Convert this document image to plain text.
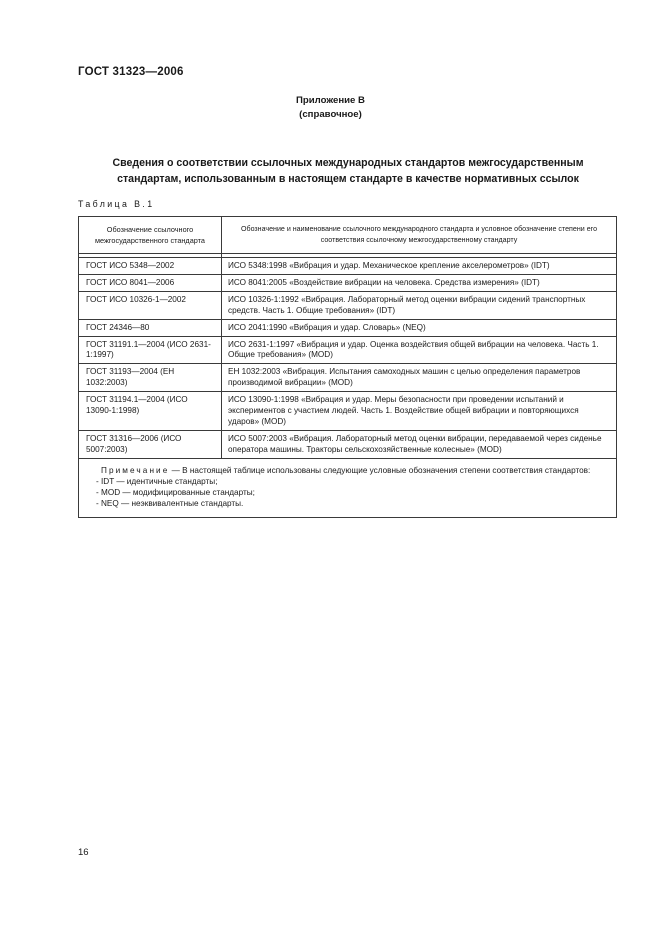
ГОСТ 31323—2006
Приложение В
(справочное)
Сведения о соответствии ссылочных международных стандартов межгосударственным
стандартам, использованным в настоящем стандарте в качестве нормативных ссылок
Таблица В.1
Обозначение ссылочного межгосударственного стандарта	Обозначение и наименование ссылочного международного стандарта и условное обозначение степени его соответствия ссылочному межгосударственному стандарту

ГОСТ ИСО 5348—2002	ИСО 5348:1998 «Вибрация и удар. Механическое крепление акселерометров» (IDT)
ГОСТ ИСО 8041—2006	ИСО 8041:2005 «Воздействие вибрации на человека. Средства измерения» (IDT)
ГОСТ ИСО 10326-1—2002	ИСО 10326-1:1992 «Вибрация. Лабораторный метод оценки вибрации сидений транспортных средств. Часть 1. Общие требования» (IDT)
ГОСТ 24346—80	ИСО 2041:1990 «Вибрация и удар. Словарь» (NEQ)
ГОСТ 31191.1—2004 (ИСО 2631-1:1997)	ИСО 2631-1:1997 «Вибрация и удар. Оценка воздействия общей вибрации на человека. Часть 1. Общие требования» (MOD)
ГОСТ 31193—2004 (ЕН 1032:2003)	ЕН 1032:2003 «Вибрация. Испытания самоходных машин с целью определения параметров производимой вибрации» (MOD)
ГОСТ 31194.1—2004 (ИСО 13090-1:1998)	ИСО 13090-1:1998 «Вибрация и удар. Меры безопасности при проведении испытаний и экспериментов с участием людей. Часть 1. Воздействие общей вибрации и повторяющихся ударов» (MOD)
ГОСТ 31316—2006 (ИСО 5007:2003)	ИСО 5007:2003 «Вибрация. Лабораторный метод оценки вибрации, передаваемой через сиденье оператора машины. Тракторы сельскохозяйственные колесные» (MOD)

Примечание — В настоящей таблице использованы следующие условные обозначения степени соответствия стандартов:
- IDT — идентичные стандарты;
- MOD — модифицированные стандарты;
- NEQ — неэквивалентные стандарты.	
16
